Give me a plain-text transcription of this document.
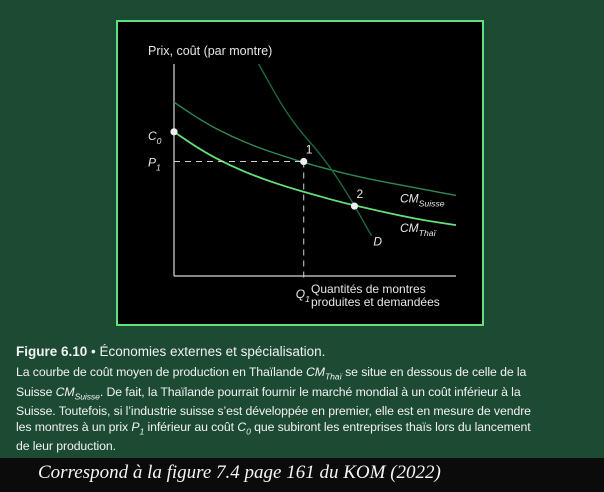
Prix, coût (par montre)
Quantités de montres
produites et demandées
$CM_{Suisse}$
$CM_{Thaï}$
D
$P_1$
$Q_1$
$C_0$
1
2
Figure 6.10 • Économies externes et spécialisation.
La courbe de coût moyen de production en Thaïlande $CM_{Thaï}$ se situe en dessous de celle de la
Suisse $CM_{Suisse}$. De fait, la Thaïlande pourrait fournir le marché mondial à un coût inférieur à la
Suisse. Toutefois, si l’industrie suisse s’est développée en premier, elle est en mesure de vendre
les montres à un prix $P_1$ inférieur au coût $C_0$ que subiront les entreprises thaïs lors du lancement
de leur production.
Correspond à la figure 7.4 page 161 du KOM (2022)
